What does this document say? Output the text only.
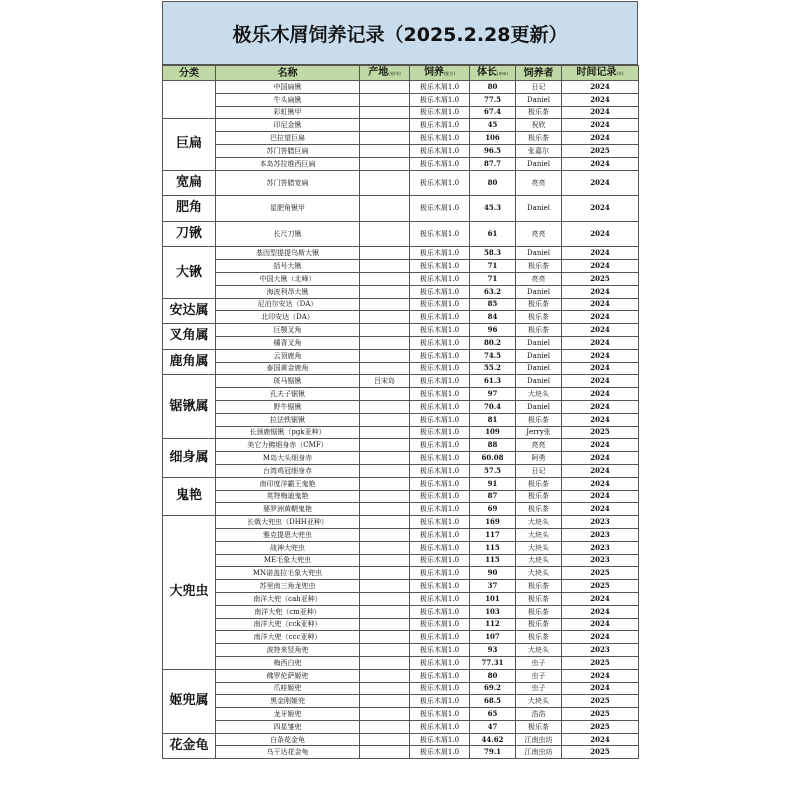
极乐木屑饲养记录（2025.2.28更新）
分类	名称	产地(省/市)	饲养(配方)	体长(mm)	饲养者	时间记录(年)
	中国扁锹		极乐木屑1.0	80	日记	2024
	牛头扁锹		极乐木屑1.0	77.5	Daniel	2024
	彩虹锹甲		极乐木屑1.0	67.4	极乐茶	2024
巨扁	印尼金锹		极乐木屑1.0	45	祝欣	2024
	巴拉望巨扁		极乐木屑1.0	106	极乐茶	2024
	苏门答腊巨扁		极乐木屑1.0	96.5	张嘉尔	2025
	本岛苏拉维西巨扁		极乐木屑1.0	87.7	Daniel	2024
宽扁	苏门答腊宽扁		极乐木屑1.0	80	亮亮	2024
肥角	星肥角锹甲		极乐木屑1.0	45.3	Daniel	2024
刀锹	长尺刀锹		极乐木屑1.0	61	亮亮	2024
大锹	基因型提提乌斯大锹		极乐木屑1.0	58.3	Daniel	2024
	括号大锹		极乐木屑1.0	71	极乐茶	2024
	中国大锹（北峰）		极乐木屑1.0	71	亮亮	2025
	海波利昂大锹		极乐木屑1.0	63.2	Daniel	2024
安达属	尼泊尔安达（DA）		极乐木屑1.0	85	极乐茶	2024
	北印安达（DA）		极乐木屑1.0	84	极乐茶	2024
叉角属	巨颚叉角		极乐木屑1.0	96	极乐茶	2024
	橘背叉角		极乐木屑1.0	80.2	Daniel	2024
鹿角属	云顶鹿角		极乐木屑1.0	74.5	Daniel	2024
	泰国黄金鹿角		极乐木屑1.0	55.2	Daniel	2024
锯锹属	斑马锯锹	吕宋岛	极乐木屑1.0	61.3	Daniel	2024
	孔夫子锯锹		极乐木屑1.0	97	大块头	2024
	野牛锯锹		极乐木屑1.0	70.4	Daniel	2024
	拉法铁锯锹		极乐木屑1.0	81	极乐茶	2024
	长颈鹿锯锹（pgk亚种）		极乐木屑1.0	109	Jerry张	2025
细身属	美它力佛细身赤（CMF）		极乐木屑1.0	88	亮亮	2024
	M岛大头细身赤		极乐木屑1.0	60.08	阿勇	2024
	台湾鸡冠细身赤		极乐木屑1.0	57.5	日记	2024
鬼艳	南印度洋霸王鬼艳		极乐木屑1.0	91	极乐茶	2024
	英特梅迪鬼艳		极乐木屑1.0	87	极乐茶	2024
	婆罗洲黄鞘鬼艳		极乐木屑1.0	69	极乐茶	2024
大兜虫	长戟大兜虫（DHH亚种）		极乐木屑1.0	169	大块头	2023
	雅克提恩大兜虫		极乐木屑1.0	117	大块头	2023
	战神大兜虫		极乐木屑1.0	115	大块头	2023
	ME毛象大兜虫		极乐木屑1.0	115	大块头	2023
	MN诺盖拉毛象大兜虫		极乐木屑1.0	90	大块头	2025
	苏里南三角龙兜虫		极乐木屑1.0	37	极乐茶	2025
	南洋大兜（cah亚种）		极乐木屑1.0	101	极乐茶	2024
	南洋大兜（cm亚种）		极乐木屑1.0	103	极乐茶	2024
	南洋大兜（cck亚种）		极乐木屑1.0	112	极乐茶	2024
	南洋大兜（ccc亚种）		极乐木屑1.0	107	极乐茶	2024
	波特来竖角兜		极乐木屑1.0	93	大块头	2023
	梅西白兜		极乐木屑1.0	77.31	虫子	2025
姬兜属	佛罗伦萨姬兜		极乐木屑1.0	80	虫子	2024
	爪哇姬兜		极乐木屑1.0	69.2	虫子	2024
	黑金刚姬兜		极乐木屑1.0	68.5	大块头	2025
	龙牙姬兜		极乐木屑1.0	65	浩浩	2025
	四星雏兜		极乐木屑1.0	47	极乐茶	2025
花金龟	白条花金龟		极乐木屑1.0	44.62	江南虫坊	2024
	乌干达花金龟		极乐木屑1.0	79.1	江南虫坊	2025
